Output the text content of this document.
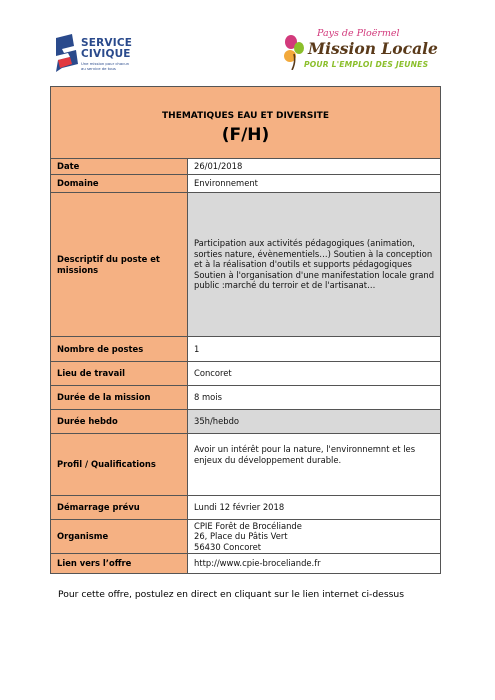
SERVICE
CIVIQUE
Une mission pour chacun au service de tous
Pays de Ploërmel
Mission Locale
POUR L'EMPLOI DES JEUNES
THEMATIQUES EAU ET DIVERSITE
(F/H)	

Date	26/01/2018
Domaine	Environnement
Descriptif du poste et missions	Participation aux activités pédagogiques (animation,
sorties nature, évènementiels…) Soutien à la conception
et à la réalisation d'outils et supports pédagogiques
Soutien à l'organisation d'une manifestation locale grand
public :marché du terroir et de l'artisanat…

Nombre de postes	1
Lieu de travail	Concoret
Durée de la mission	8 mois
Durée hebdo	35h/hebdo
Profil / Qualifications	Avoir un intérêt pour la nature, l'environnemnt et les
enjeux du développement durable.

Démarrage prévu	Lundi 12 février 2018
Organisme	CPIE Forêt de Brocéliande
26, Place du Pâtis Vert
56430 Concoret

Lien vers l’offre	http://www.cpie-broceliande.fr
Pour cette offre, postulez en direct en cliquant sur le lien internet ci-dessus
